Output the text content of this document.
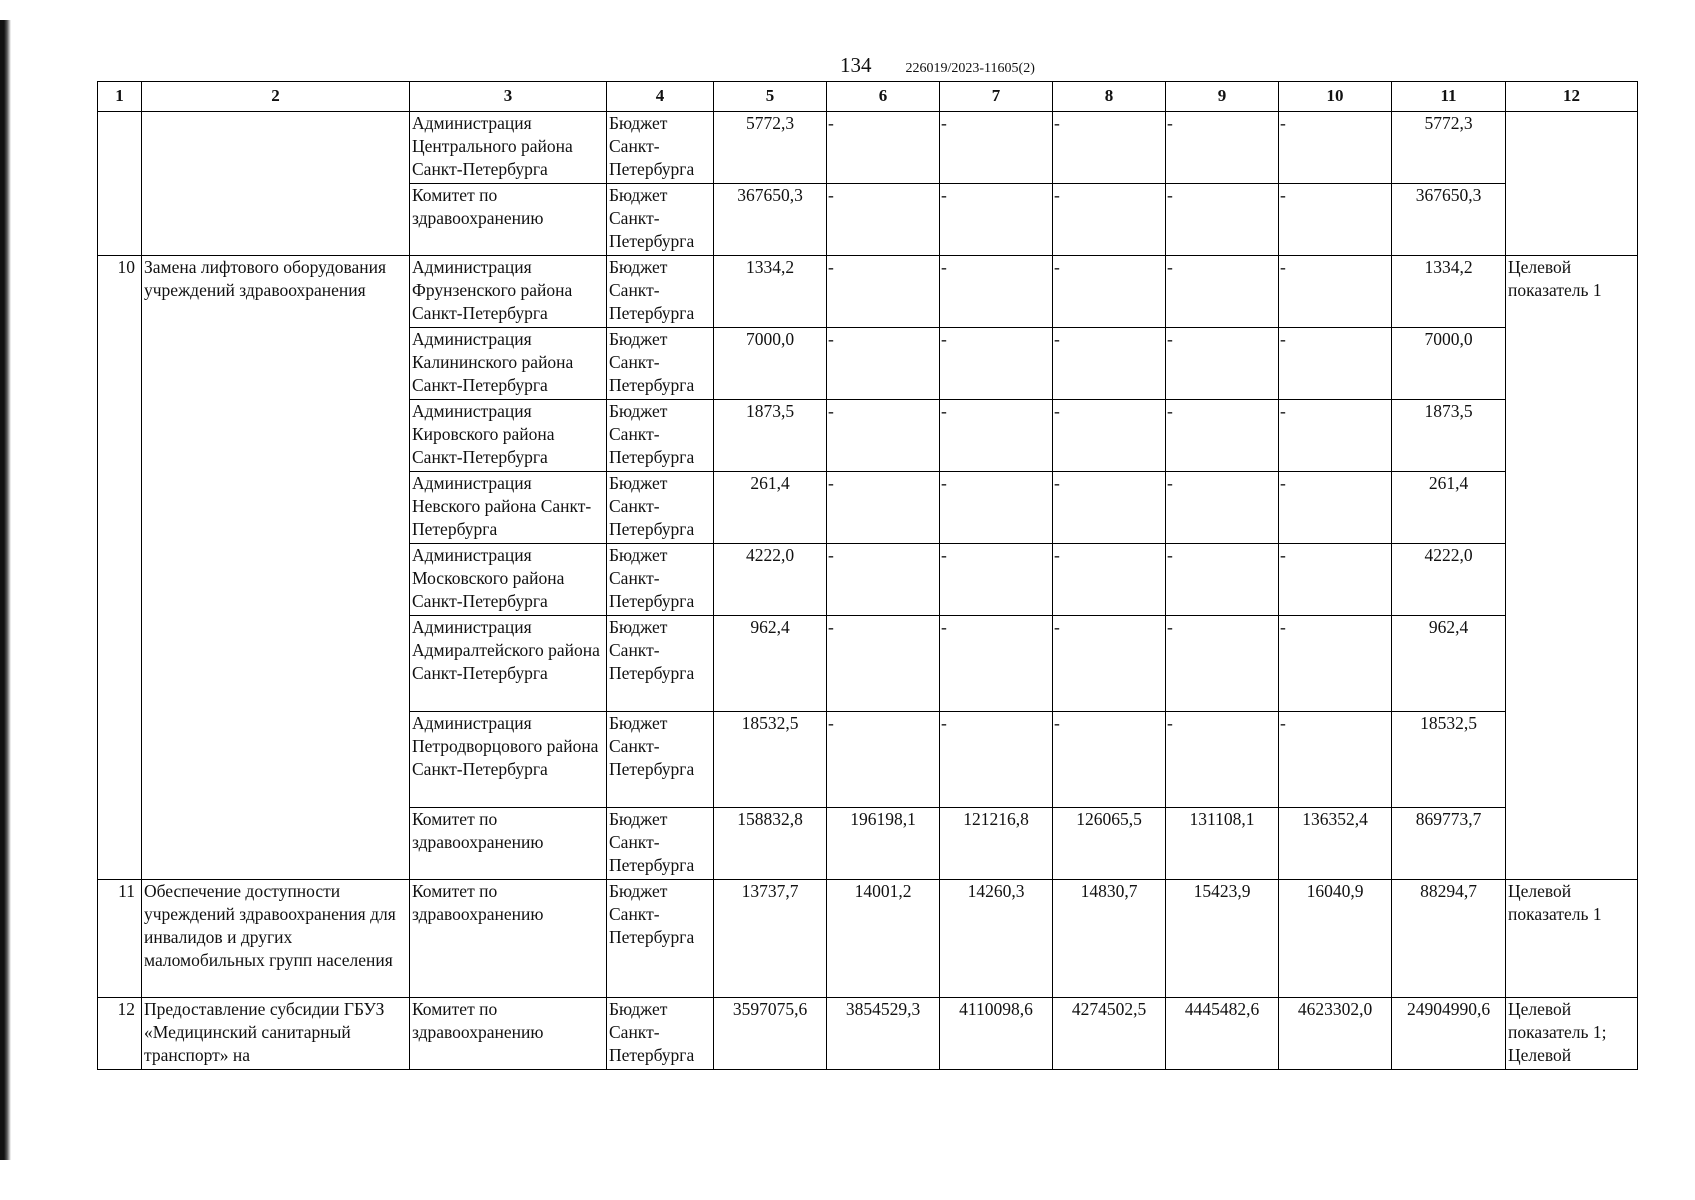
134 226019/2023-11605(2)
1	2	3	4	5	6	7	8	9	10	11	12
		Администрация Центрального района Санкт-Петербурга	Бюджет Санкт-Петербурга	5772,3	-	-	-	-	-	5772,3	
		Комитет по здравоохранению	Бюджет Санкт-Петербурга	367650,3	-	-	-	-	-	367650,3	
10	Замена лифтового оборудования учреждений здравоохранения	Администрация Фрунзенского района Санкт-Петербурга	Бюджет Санкт-Петербурга	1334,2	-	-	-	-	-	1334,2	Целевой показатель 1
		Администрация Калининского района Санкт-Петербурга	Бюджет Санкт-Петербурга	7000,0	-	-	-	-	-	7000,0	
		Администрация Кировского района Санкт-Петербурга	Бюджет Санкт-Петербурга	1873,5	-	-	-	-	-	1873,5	
		Администрация Невского района Санкт-Петербурга	Бюджет Санкт-Петербурга	261,4	-	-	-	-	-	261,4	
		Администрация Московского района Санкт-Петербурга	Бюджет Санкт-Петербурга	4222,0	-	-	-	-	-	4222,0	
		Администрация Адмиралтейского района Санкт-Петербурга	Бюджет Санкт-Петербурга	962,4	-	-	-	-	-	962,4	
		Администрация Петродворцового района Санкт-Петербурга	Бюджет Санкт-Петербурга	18532,5	-	-	-	-	-	18532,5	
		Комитет по здравоохранению	Бюджет Санкт-Петербурга	158832,8	196198,1	121216,8	126065,5	131108,1	136352,4	869773,7	
11	Обеспечение доступности учреждений здравоохранения для инвалидов и других маломобильных групп населения	Комитет по здравоохранению	Бюджет Санкт-Петербурга	13737,7	14001,2	14260,3	14830,7	15423,9	16040,9	88294,7	Целевой показатель 1
12	Предоставление субсидии ГБУЗ «Медицинский санитарный транспорт» на	Комитет по здравоохранению	Бюджет Санкт-Петербурга	3597075,6	3854529,3	4110098,6	4274502,5	4445482,6	4623302,0	24904990,6	Целевой показатель 1; Целевой
